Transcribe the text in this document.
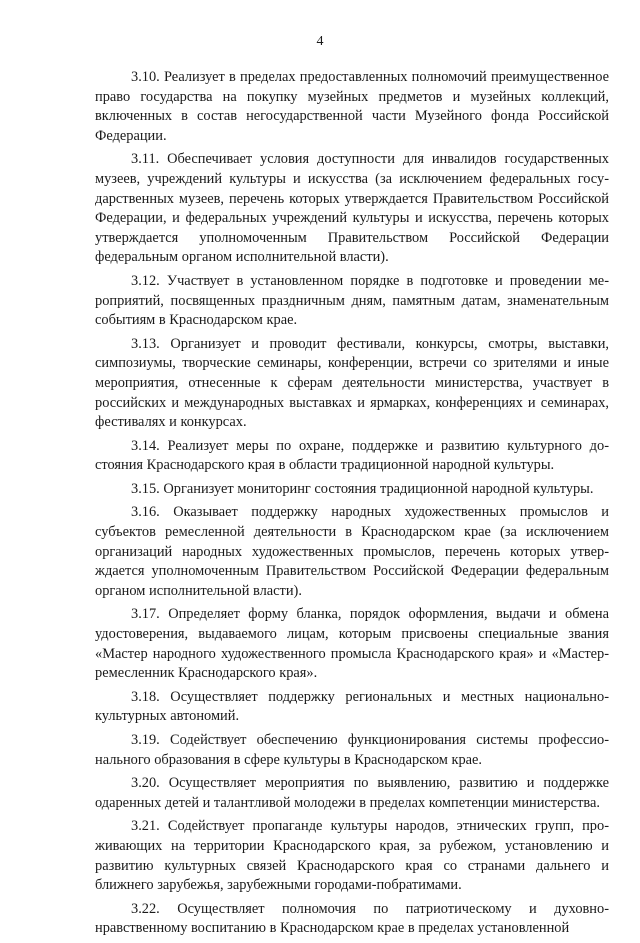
4

3.10. Реализует в пределах предоставленных полномочий преимущественное право государства на покупку музейных предметов и музейных коллекций, включенных в состав негосударственной части Музейного фонда Российской Федерации.

3.11. Обеспечивает условия доступности для инвалидов государственных музеев, учреждений культуры и искусства (за исключением федеральных государственных музеев, перечень которых утверждается Правительством Российской Федерации, и федеральных учреждений культуры и искусства, перечень которых утверждается уполномоченным Правительством Российской Федерации федеральным органом исполнительной власти).

3.12. Участвует в установленном порядке в подготовке и проведении мероприятий, посвященных праздничным дням, памятным датам, знаменательным событиям в Краснодарском крае.

3.13. Организует и проводит фестивали, конкурсы, смотры, выставки, симпозиумы, творческие семинары, конференции, встречи со зрителями и иные мероприятия, отнесенные к сферам деятельности министерства, участвует в российских и международных выставках и ярмарках, конференциях и семинарах, фестивалях и конкурсах.

3.14. Реализует меры по охране, поддержке и развитию культурного достояния Краснодарского края в области традиционной народной культуры.

3.15. Организует мониторинг состояния традиционной народной культуры.

3.16. Оказывает поддержку народных художественных промыслов и субъектов ремесленной деятельности в Краснодарском крае (за исключением организаций народных художественных промыслов, перечень которых утверждается уполномоченным Правительством Российской Федерации федеральным органом исполнительной власти).

3.17. Определяет форму бланка, порядок оформления, выдачи и обмена удостоверения, выдаваемого лицам, которым присвоены специальные звания «Мастер народного художественного промысла Краснодарского края» и «Мастер-ремесленник Краснодарского края».

3.18. Осуществляет поддержку региональных и местных национально-культурных автономий.

3.19. Содействует обеспечению функционирования системы профессионального образования в сфере культуры в Краснодарском крае.

3.20. Осуществляет мероприятия по выявлению, развитию и поддержке одаренных детей и талантливой молодежи в пределах компетенции министерства.

3.21. Содействует пропаганде культуры народов, этнических групп, проживающих на территории Краснодарского края, за рубежом, установлению и развитию культурных связей Краснодарского края со странами дальнего и ближнего зарубежья, зарубежными городами-побратимами.

3.22. Осуществляет полномочия по патриотическому и духовно-нравственному воспитанию в Краснодарском крае в пределах установленной
